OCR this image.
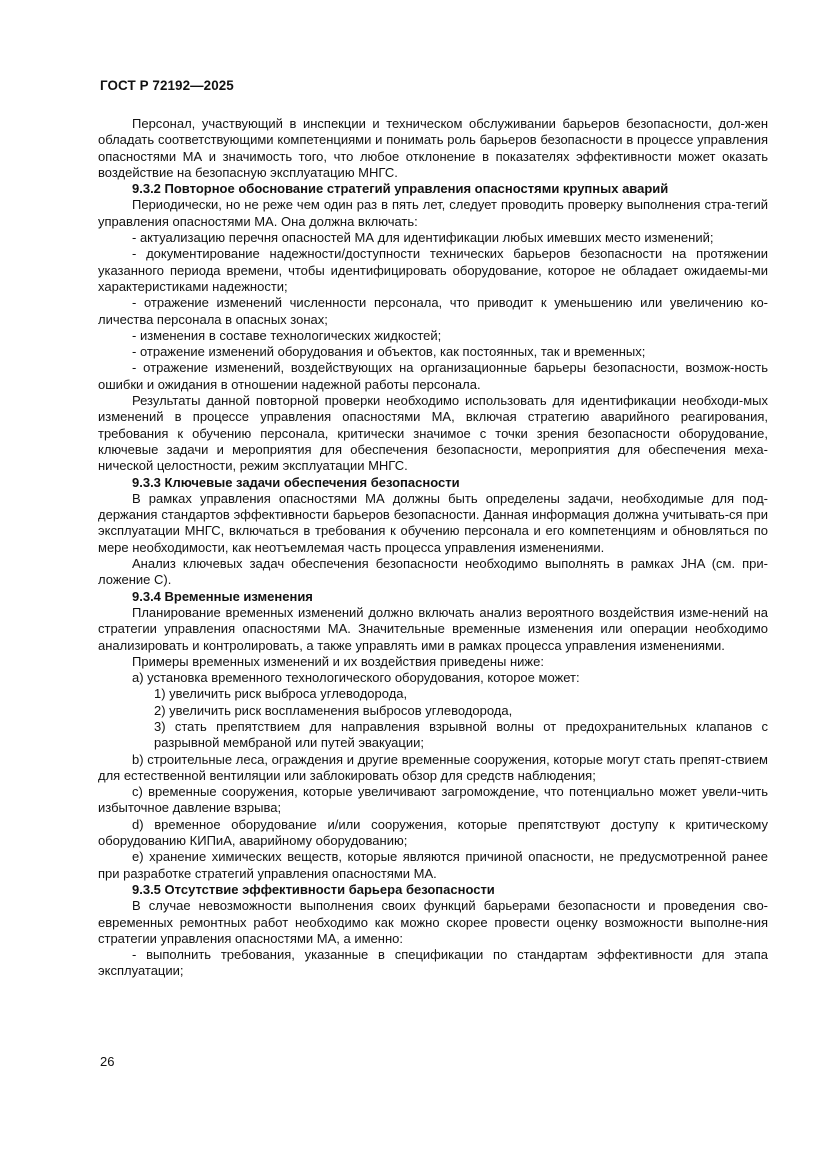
ГОСТ Р 72192—2025

Персонал, участвующий в инспекции и техническом обслуживании барьеров безопасности, дол-жен обладать соответствующими компетенциями и понимать роль барьеров безопасности в процессе управления опасностями МА и значимость того, что любое отклонение в показателях эффективности может оказать воздействие на безопасную эксплуатацию МНГС.

9.3.2 Повторное обоснование стратегий управления опасностями крупных аварий

Периодически, но не реже чем один раз в пять лет, следует проводить проверку выполнения стра-тегий управления опасностями МА. Она должна включать:

- актуализацию перечня опасностей МА для идентификации любых имевших место изменений;

- документирование надежности/доступности технических барьеров безопасности на протяжении указанного периода времени, чтобы идентифицировать оборудование, которое не обладает ожидаемы-ми характеристиками надежности;

- отражение изменений численности персонала, что приводит к уменьшению или увеличению ко-личества персонала в опасных зонах;

- изменения в составе технологических жидкостей;

- отражение изменений оборудования и объектов, как постоянных, так и временных;

- отражение изменений, воздействующих на организационные барьеры безопасности, возмож-ность ошибки и ожидания в отношении надежной работы персонала.

Результаты данной повторной проверки необходимо использовать для идентификации необходи-мых изменений в процессе управления опасностями МА, включая стратегию аварийного реагирования, требования к обучению персонала, критически значимое с точки зрения безопасности оборудование, ключевые задачи и мероприятия для обеспечения безопасности, мероприятия для обеспечения меха-нической целостности, режим эксплуатации МНГС.

9.3.3 Ключевые задачи обеспечения безопасности

В рамках управления опасностями МА должны быть определены задачи, необходимые для под-держания стандартов эффективности барьеров безопасности. Данная информация должна учитывать-ся при эксплуатации МНГС, включаться в требования к обучению персонала и его компетенциям и обновляться по мере необходимости, как неотъемлемая часть процесса управления изменениями.

Анализ ключевых задач обеспечения безопасности необходимо выполнять в рамках JHA (см. при-ложение С).

9.3.4 Временные изменения

Планирование временных изменений должно включать анализ вероятного воздействия изме-нений на стратегии управления опасностями МА. Значительные временные изменения или операции необходимо анализировать и контролировать, а также управлять ими в рамках процесса управления изменениями.

Примеры временных изменений и их воздействия приведены ниже:

а) установка временного технологического оборудования, которое может:

1) увеличить риск выброса углеводорода,

2) увеличить риск воспламенения выбросов углеводорода,

3) стать препятствием для направления взрывной волны от предохранительных клапанов с разрывной мембраной или путей эвакуации;

b) строительные леса, ограждения и другие временные сооружения, которые могут стать препят-ствием для естественной вентиляции или заблокировать обзор для средств наблюдения;

с) временные сооружения, которые увеличивают загромождение, что потенциально может увели-чить избыточное давление взрыва;

d) временное оборудование и/или сооружения, которые препятствуют доступу к критическому оборудованию КИПиА, аварийному оборудованию;

е) хранение химических веществ, которые являются причиной опасности, не предусмотренной ранее при разработке стратегий управления опасностями МА.

9.3.5 Отсутствие эффективности барьера безопасности

В случае невозможности выполнения своих функций барьерами безопасности и проведения сво-евременных ремонтных работ необходимо как можно скорее провести оценку возможности выполне-ния стратегии управления опасностями МА, а именно:

- выполнить требования, указанные в спецификации по стандартам эффективности для этапа эксплуатации;

26
